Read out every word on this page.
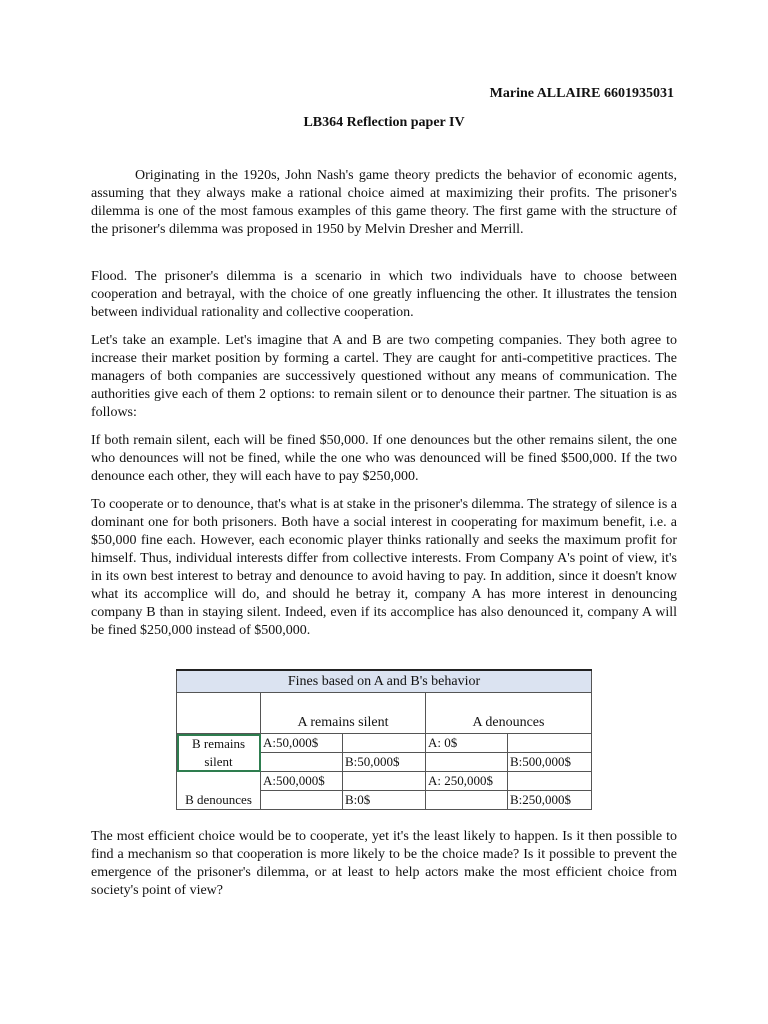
Marine ALLAIRE 6601935031
LB364 Reflection paper IV

Originating in the 1920s, John Nash's game theory predicts the behavior of economic agents, assuming that they always make a rational choice aimed at maximizing their profits. The prisoner's dilemma is one of the most famous examples of this game theory. The first game with the structure of the prisoner's dilemma was proposed in 1950 by Melvin Dresher and Merrill.

Flood. The prisoner's dilemma is a scenario in which two individuals have to choose between cooperation and betrayal, with the choice of one greatly influencing the other. It illustrates the tension between individual rationality and collective cooperation.

Let's take an example. Let's imagine that A and B are two competing companies. They both agree to increase their market position by forming a cartel. They are caught for anti-competitive practices. The managers of both companies are successively questioned without any means of communication. The authorities give each of them 2 options: to remain silent or to denounce their partner. The situation is as follows:

If both remain silent, each will be fined $50,000. If one denounces but the other remains silent, the one who denounces will not be fined, while the one who was denounced will be fined $500,000. If the two denounce each other, they will each have to pay $250,000.

To cooperate or to denounce, that's what is at stake in the prisoner's dilemma. The strategy of silence is a dominant one for both prisoners. Both have a social interest in cooperating for maximum benefit, i.e. a $50,000 fine each. However, each economic player thinks rationally and seeks the maximum profit for himself. Thus, individual interests differ from collective interests. From Company A's point of view, it's in its own best interest to betray and denounce to avoid having to pay. In addition, since it doesn't know what its accomplice will do, and should he betray it, company A has more interest in denouncing company B than in staying silent. Indeed, even if its accomplice has also denounced it, company A will be fined $250,000 instead of $500,000.

Fines based on A and B's behavior				
	A remains silent		A denounces	
B remains
silent	A:50,000$		A: 0$	
		B:50,000$		B:500,000$
B denounces	A:500,000$		A: 250,000$	
		B:0$		B:250,000$

The most efficient choice would be to cooperate, yet it's the least likely to happen. Is it then possible to find a mechanism so that cooperation is more likely to be the choice made? Is it possible to prevent the emergence of the prisoner's dilemma, or at least to help actors make the most efficient choice from society's point of view?
